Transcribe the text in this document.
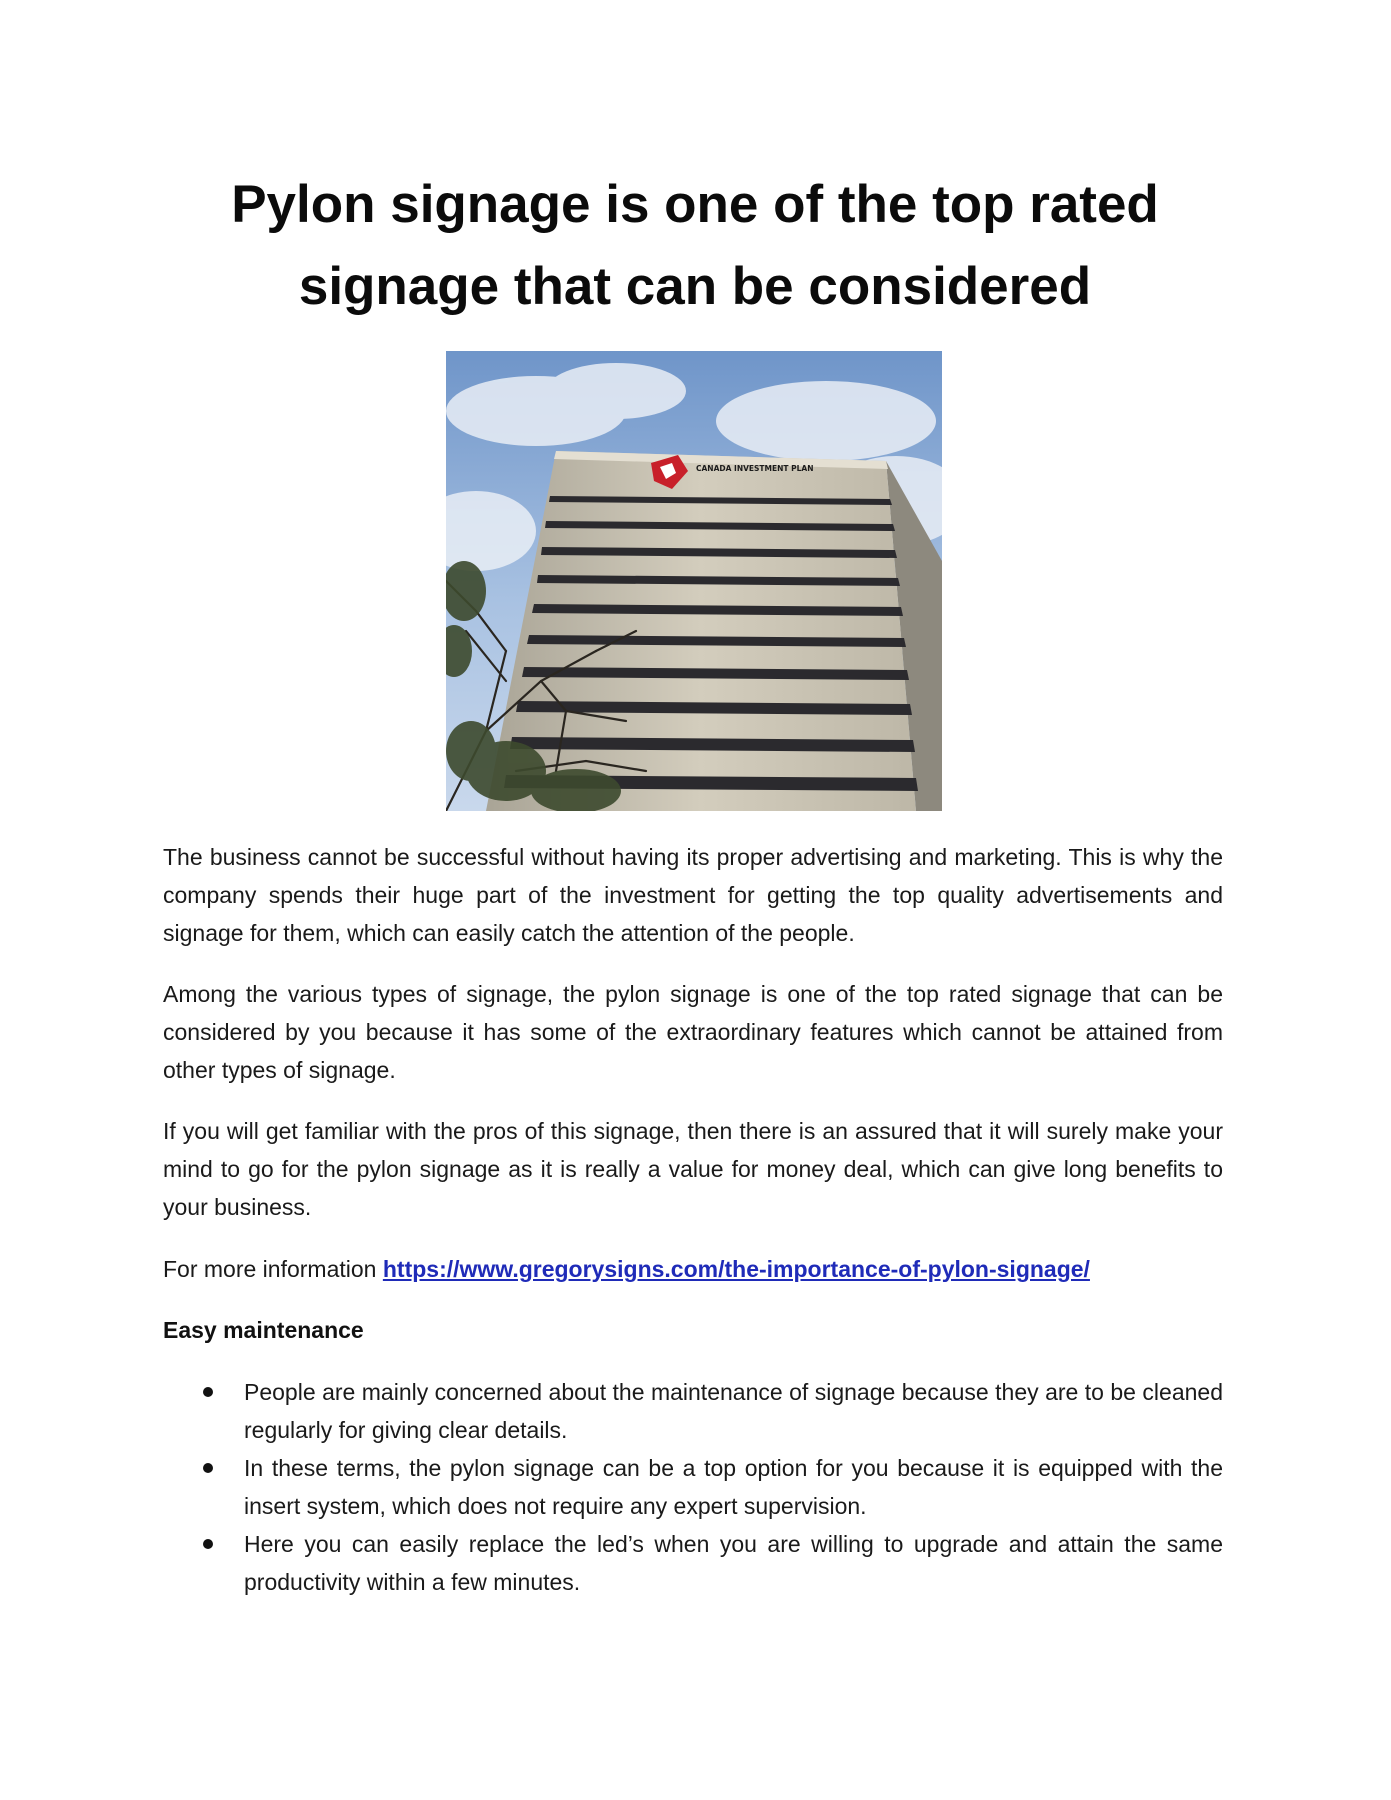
Pylon signage is one of the top rated
signage that can be considered
CANADA INVESTMENT PLAN

The business cannot be successful without having its proper advertising and marketing. This is why the company spends their huge part of the investment for getting the top quality advertisements and signage for them, which can easily catch the attention of the people.

Among the various types of signage, the pylon signage is one of the top rated signage that can be considered by you because it has some of the extraordinary features which cannot be attained from other types of signage.

If you will get familiar with the pros of this signage, then there is an assured that it will surely make your mind to go for the pylon signage as it is really a value for money deal, which can give long benefits to your business.

For more information https://www.gregorysigns.com/the-importance-of-pylon-signage/

Easy maintenance

People are mainly concerned about the maintenance of signage because they are to be cleaned regularly for giving clear details.
In these terms, the pylon signage can be a top option for you because it is equipped with the insert system, which does not require any expert supervision.
Here you can easily replace the led’s when you are willing to upgrade and attain the same productivity within a few minutes.
